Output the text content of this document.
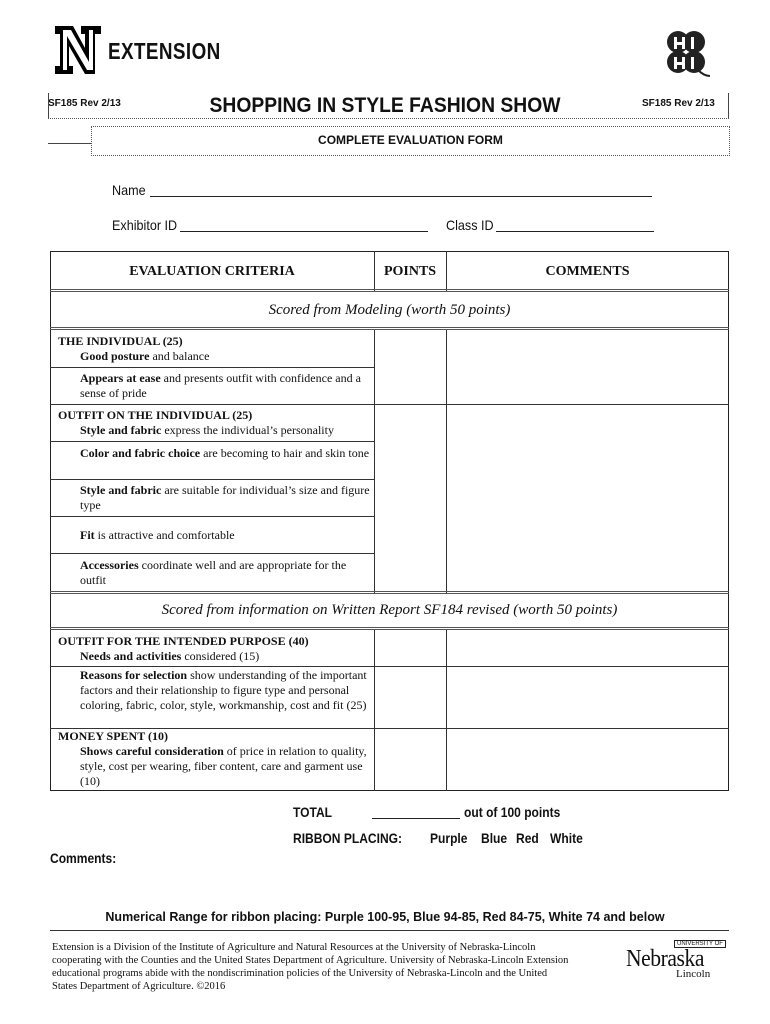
EXTENSION
SF185 Rev 2/13	SF185 Rev 2/13
SHOPPING IN STYLE FASHION SHOW
COMPLETE EVALUATION FORM
Name
Exhibitor ID	Class ID
EVALUATION CRITERIA	POINTS	COMMENTS
Scored from Modeling (worth 50 points)
THE INDIVIDUAL (25)
Good posture and balance
Appears at ease and presents outfit with confidence and a sense of pride
OUTFIT ON THE INDIVIDUAL (25)
Style and fabric express the individual’s personality
Color and fabric choice are becoming to hair and skin tone
Style and fabric are suitable for individual’s size and figure type
Fit is attractive and comfortable
Accessories coordinate well and are appropriate for the outfit
Scored from information on Written Report SF184 revised (worth 50 points)
OUTFIT FOR THE INTENDED PURPOSE (40)
Needs and activities considered (15)
Reasons for selection show understanding of the important factors and their relationship to figure type and personal coloring, fabric, color, style, workmanship, cost and fit (25)
MONEY SPENT (10)
Shows careful consideration of price in relation to quality, style, cost per wearing, fiber content, care and garment use (10)
TOTAL	out of 100 points
RIBBON PLACING: Purple Blue Red White
Comments:
Numerical Range for ribbon placing: Purple 100-95, Blue 94-85, Red 84-75, White 74 and below
Extension is a Division of the Institute of Agriculture and Natural Resources at the University of Nebraska-Lincoln cooperating with the Counties and the United States Department of Agriculture. University of Nebraska-Lincoln Extension educational programs abide with the nondiscrimination policies of the University of Nebraska-Lincoln and the United States Department of Agriculture. ©2016
UNIVERSITY OF
Nebraska
Lincoln
